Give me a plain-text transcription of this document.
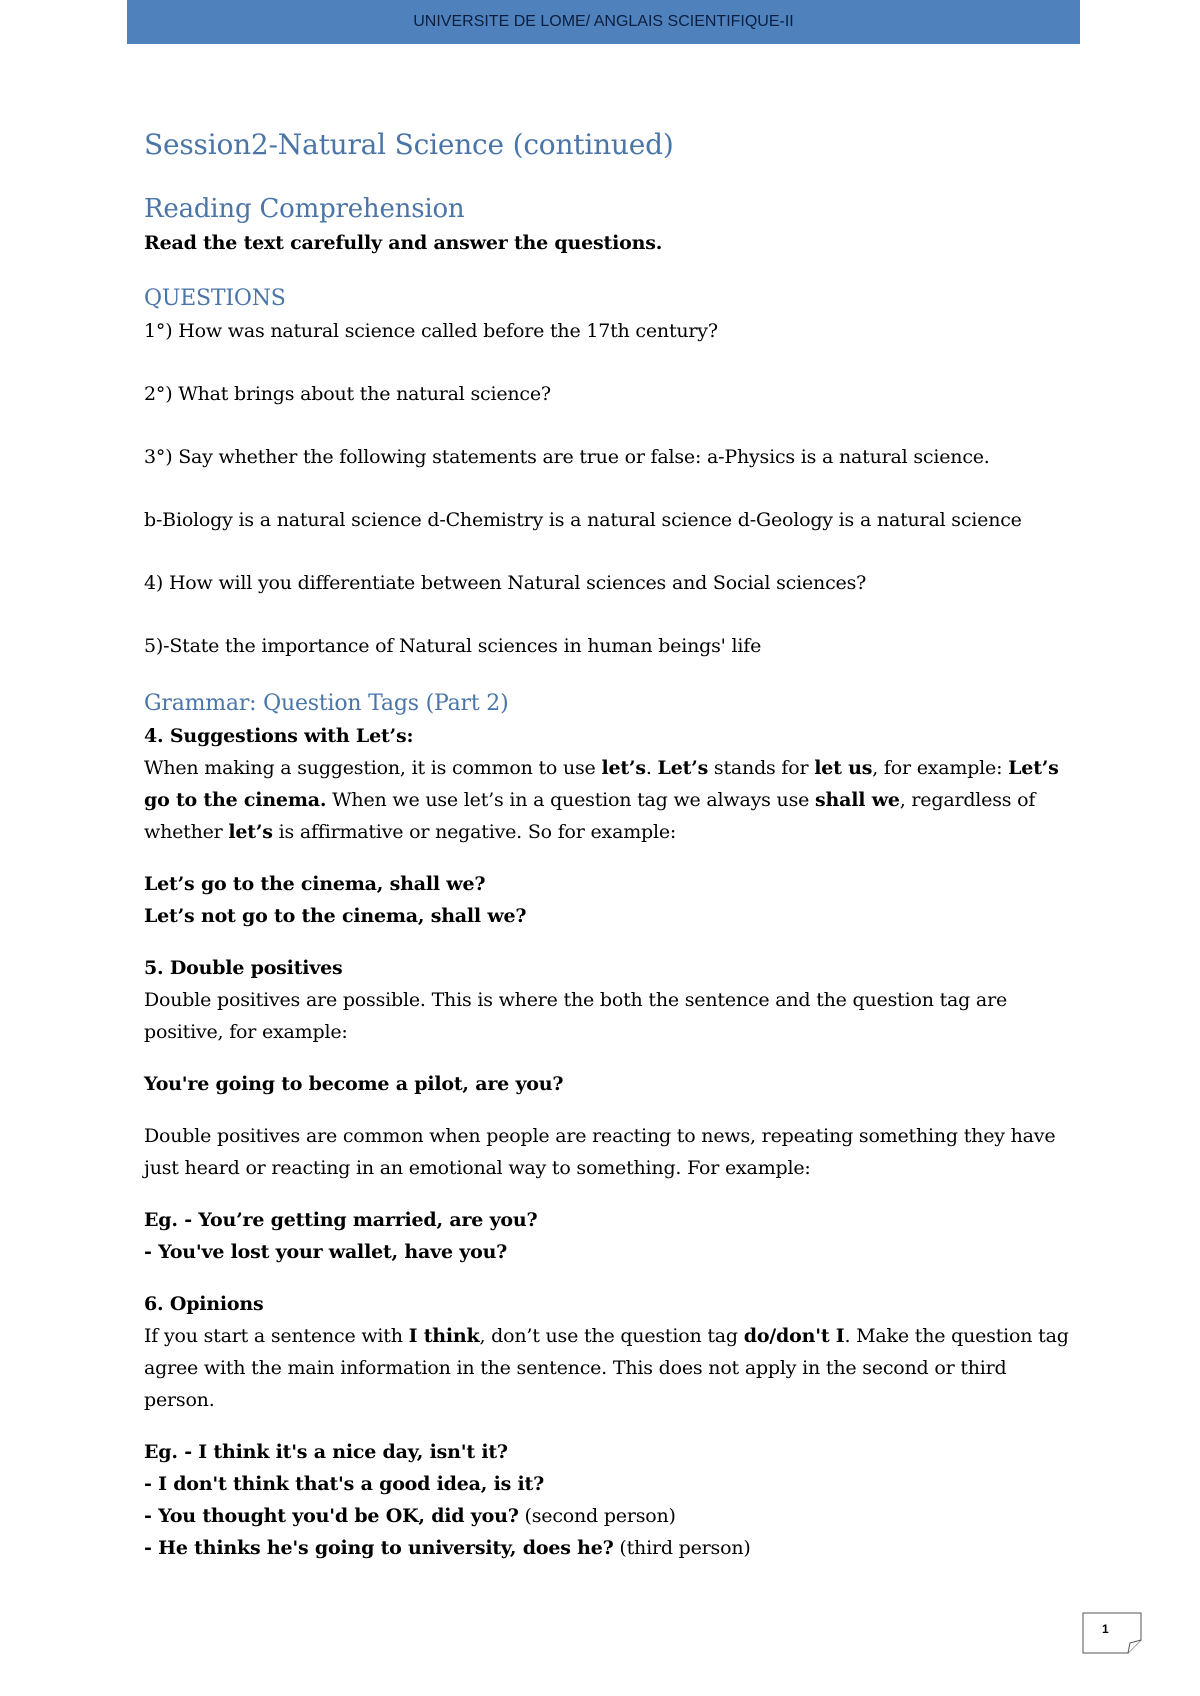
UNIVERSITE DE LOME/ ANGLAIS SCIENTIFIQUE-II
Session2-Natural Science (continued)
Reading Comprehension
Read the text carefully and answer the questions.
QUESTIONS
1°) How was natural science called before the 17th century?
2°) What brings about the natural science?
3°) Say whether the following statements are true or false: a-Physics is a natural science.
b-Biology is a natural science d-Chemistry is a natural science d-Geology is a natural science
4) How will you differentiate between Natural sciences and Social sciences?
5)-State the importance of Natural sciences in human beings' life
Grammar: Question Tags (Part 2)
4. Suggestions with Let’s:
When making a suggestion, it is common to use let’s. Let’s stands for let us, for example: Let’s go to the cinema. When we use let’s in a question tag we always use shall we, regardless of whether let’s is affirmative or negative. So for example:
Let’s go to the cinema, shall we?
Let’s not go to the cinema, shall we?
5. Double positives
Double positives are possible. This is where the both the sentence and the question tag are positive, for example:
You're going to become a pilot, are you?
Double positives are common when people are reacting to news, repeating something they have just heard or reacting in an emotional way to something. For example:
Eg. - You’re getting married, are you?
- You've lost your wallet, have you?
6. Opinions
If you start a sentence with I think, don’t use the question tag do/don't I. Make the question tag agree with the main information in the sentence. This does not apply in the second or third person.
Eg. - I think it's a nice day, isn't it?
- I don't think that's a good idea, is it?
- You thought you'd be OK, did you? (second person)
- He thinks he's going to university, does he? (third person)
1
